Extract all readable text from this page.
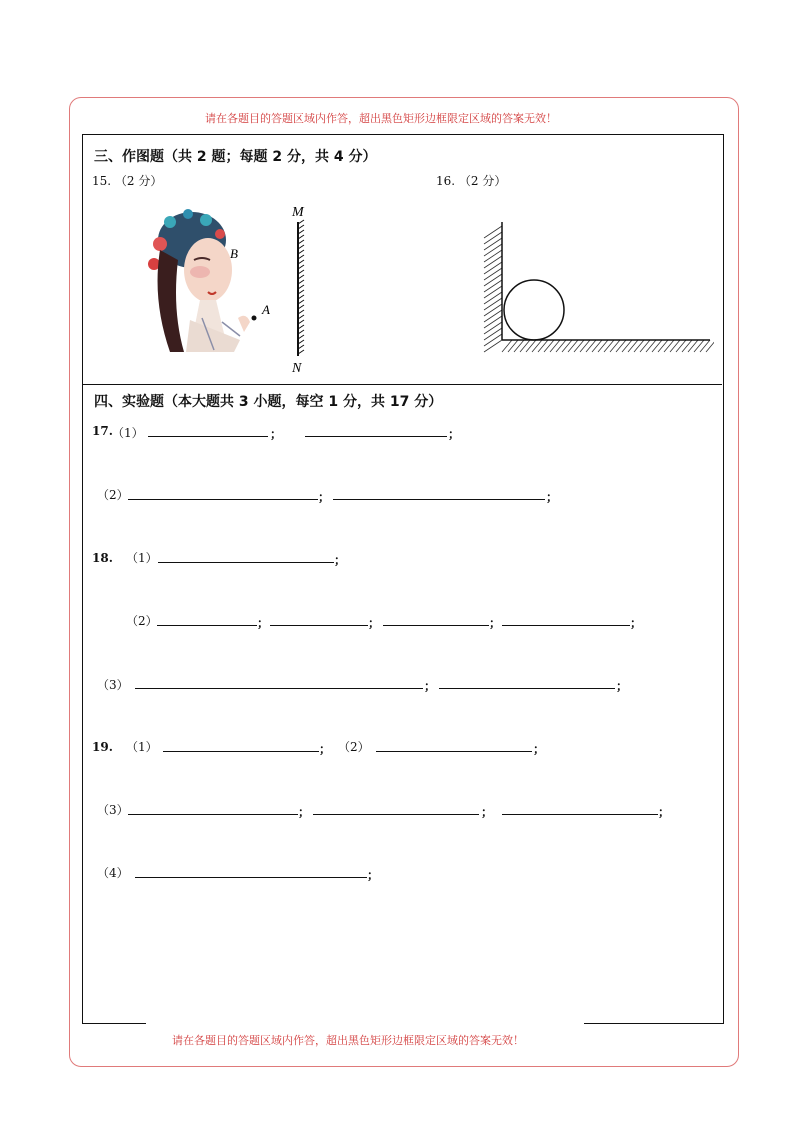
请在各题目的答题区域内作答，超出黑色矩形边框限定区域的答案无效！
三、作图题（共 2 题；每题 2 分，共 4 分）
15. （2 分）	16. （2 分）
B
A
M
N
四、实验题（本大题共 3 小题，每空 1 分，共 17 分）
17. （1）	；	；
（2）	；	；
18. （1）	；
（2）	；	；	；	；
（3）	；	；
19. （1）	； （2）	；
（3）	；	；	；
（4）	；
请在各题目的答题区域内作答，超出黑色矩形边框限定区域的答案无效！
